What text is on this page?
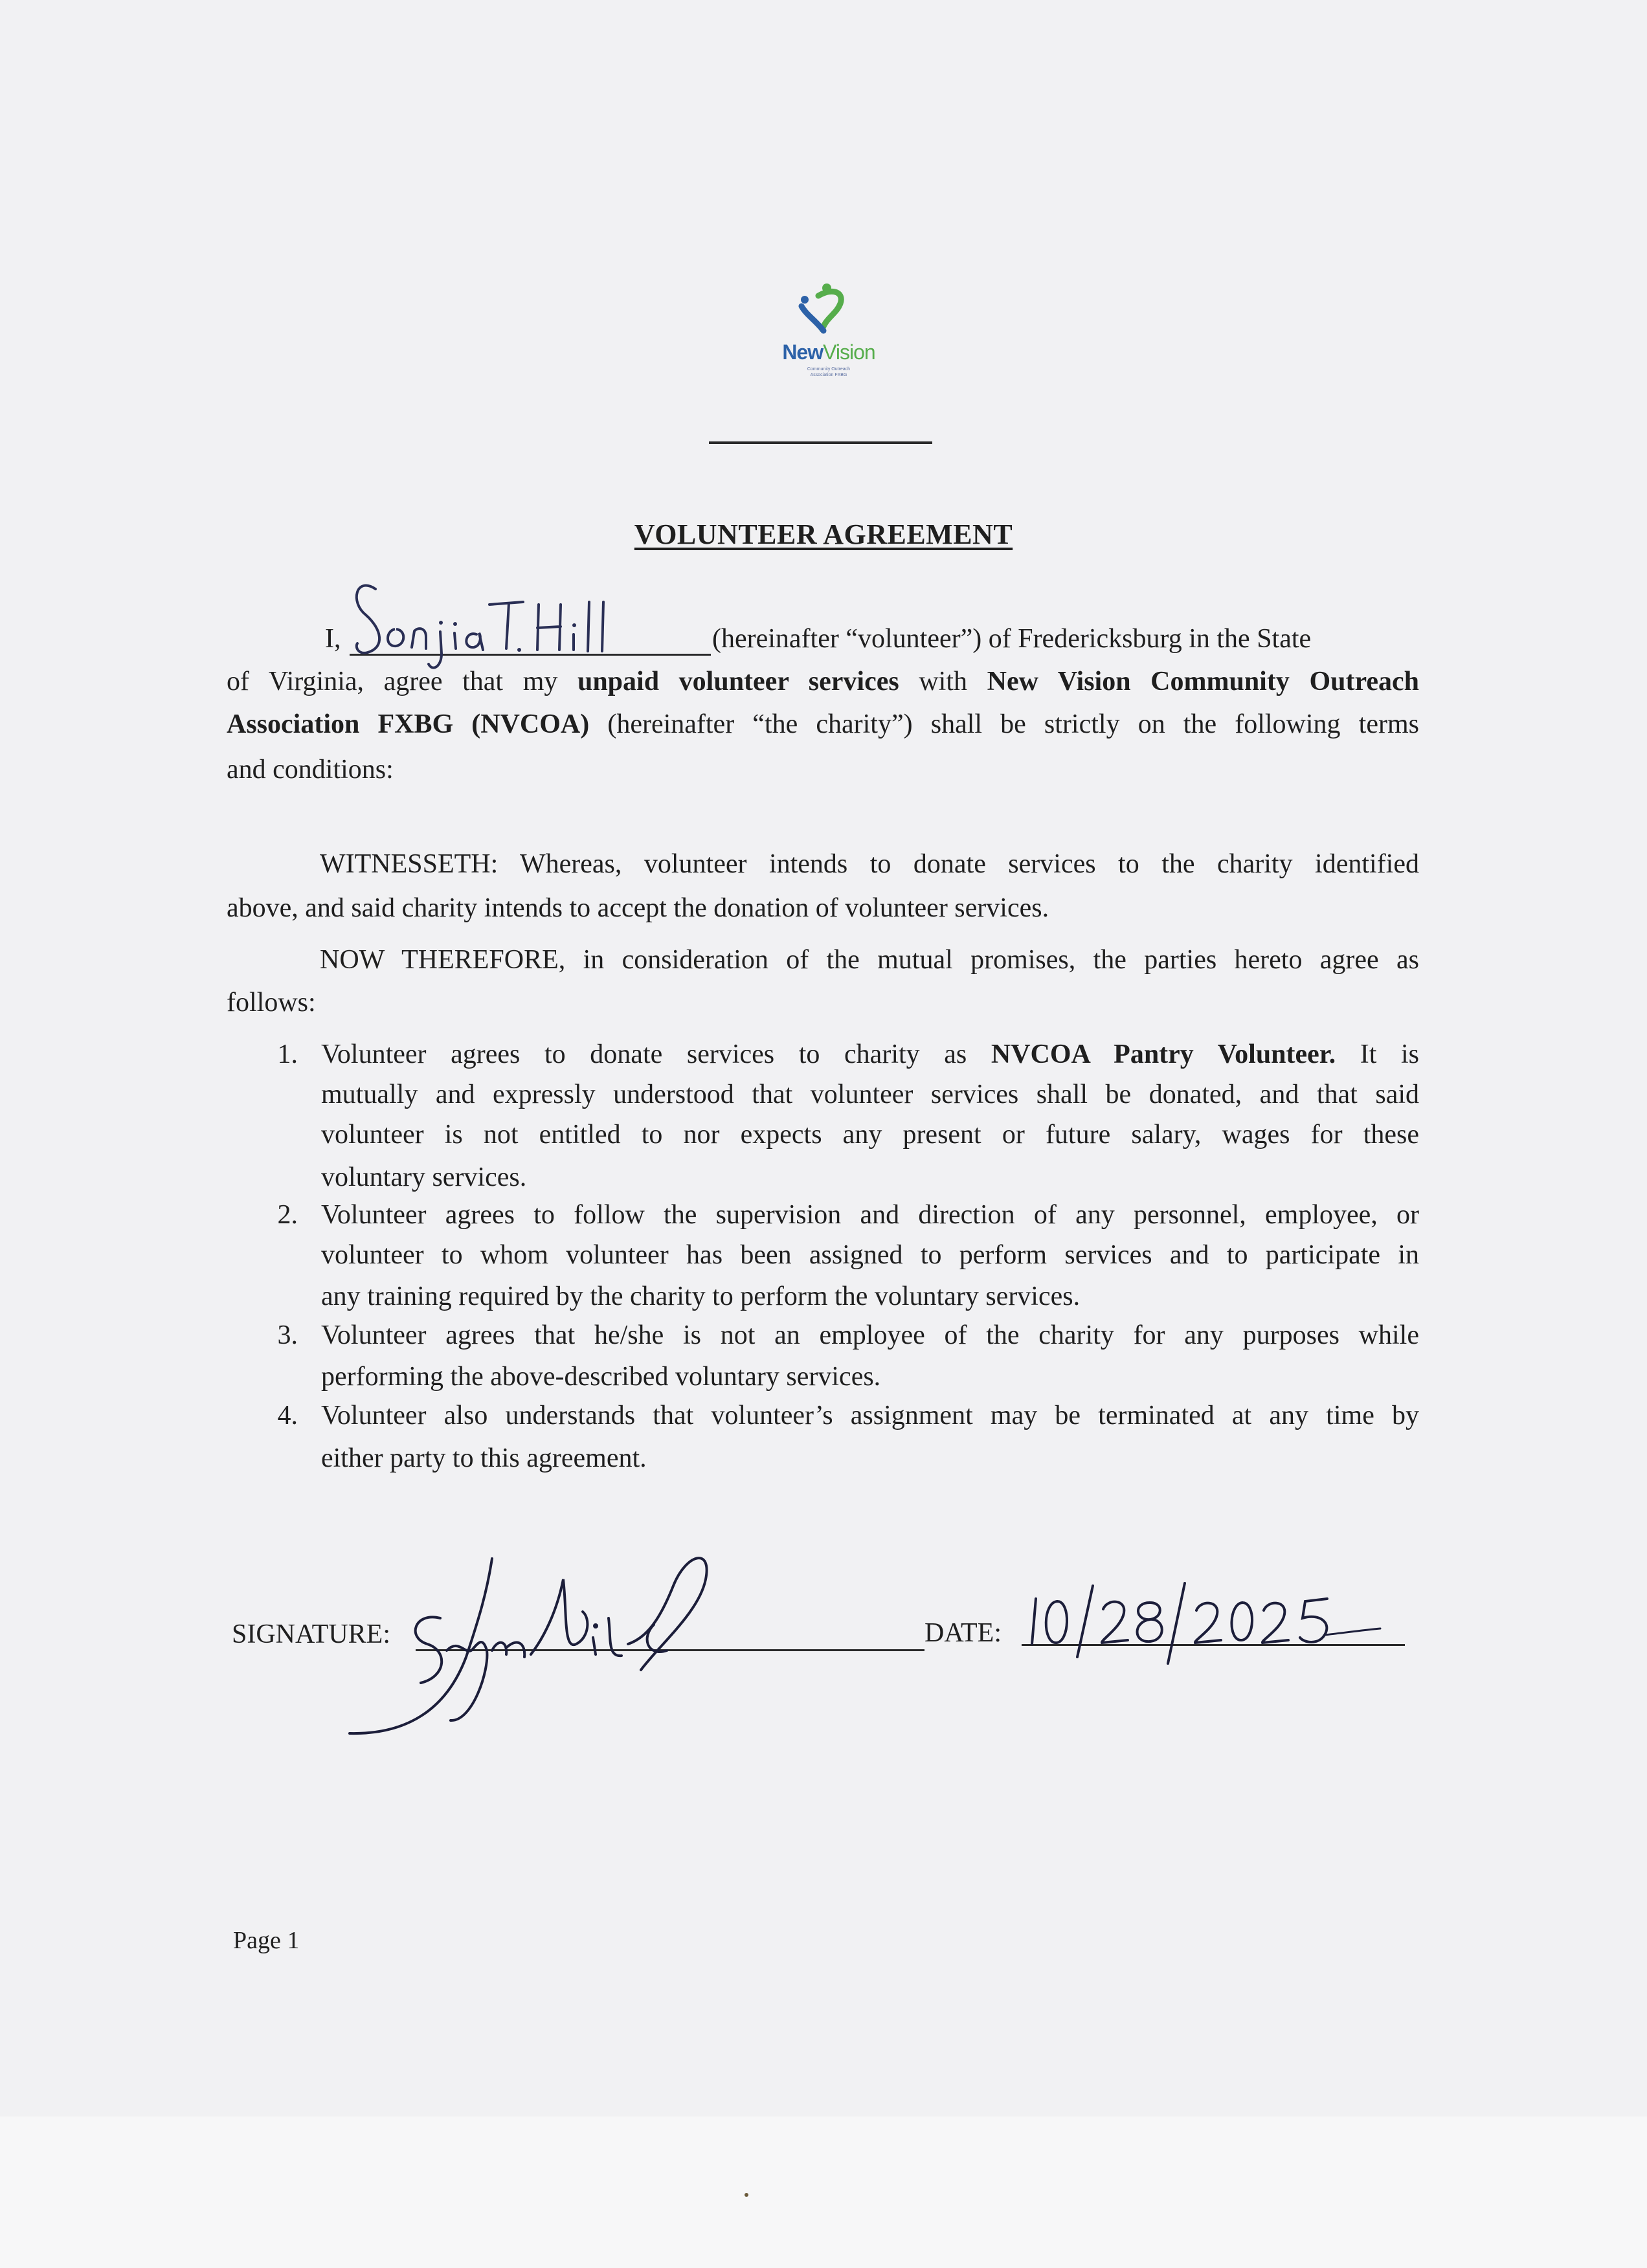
NewVision
Community Outreach
Association FXBG
VOLUNTEER AGREEMENT
I,	(hereinafter “volunteer”) of Fredericksburg in the State
of Virginia, agree that my unpaid volunteer services with New Vision Community Outreach
Association FXBG (NVCOA) (hereinafter “the charity”) shall be strictly on the following terms
and conditions:
WITNESSETH: Whereas, volunteer intends to donate services to the charity identified
above, and said charity intends to accept the donation of volunteer services.
NOW THEREFORE, in consideration of the mutual promises, the parties hereto agree as
follows:
1. Volunteer agrees to donate services to charity as NVCOA Pantry Volunteer. It is
mutually and expressly understood that volunteer services shall be donated, and that said
volunteer is not entitled to nor expects any present or future salary, wages for these
voluntary services.
2. Volunteer agrees to follow the supervision and direction of any personnel, employee, or
volunteer to whom volunteer has been assigned to perform services and to participate in
any training required by the charity to perform the voluntary services.
3. Volunteer agrees that he/she is not an employee of the charity for any purposes while
performing the above-described voluntary services.
4. Volunteer also understands that volunteer’s assignment may be terminated at any time by
either party to this agreement.
SIGNATURE:	DATE:
Page 1
